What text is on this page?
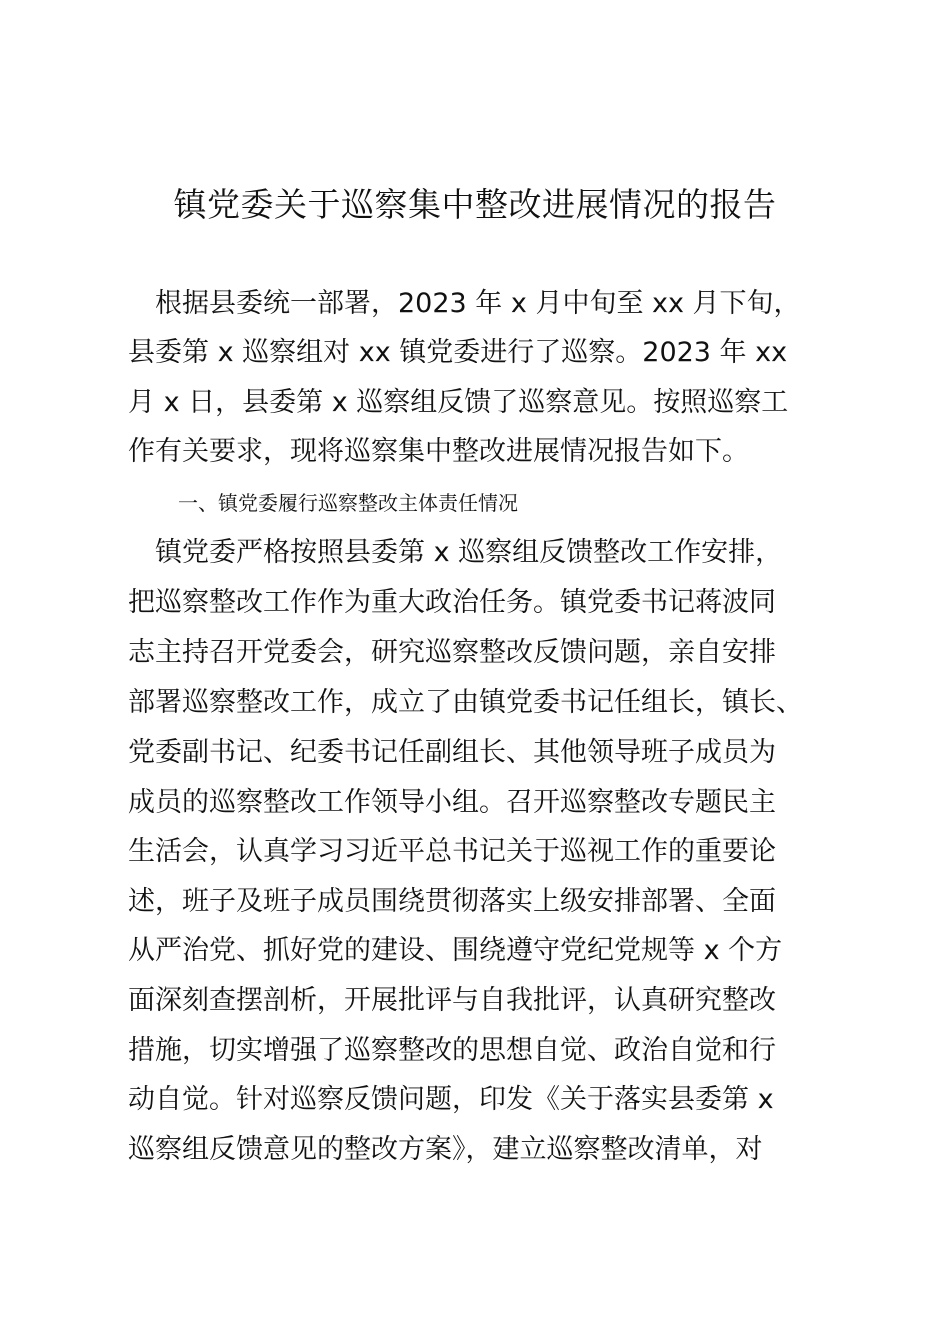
镇党委关于巡察集中整改进展情况的报告
　根据县委统一部署，2023 年 x 月中旬至 xx 月下旬，
县委第 x 巡察组对 xx 镇党委进行了巡察。2023 年 xx
月 x 日，县委第 x 巡察组反馈了巡察意见。按照巡察工
作有关要求，现将巡察集中整改进展情况报告如下。
一、镇党委履行巡察整改主体责任情况
　镇党委严格按照县委第 x 巡察组反馈整改工作安排，
把巡察整改工作作为重大政治任务。镇党委书记蒋波同
志主持召开党委会，研究巡察整改反馈问题，亲自安排
部署巡察整改工作，成立了由镇党委书记任组长，镇长、
党委副书记、纪委书记任副组长、其他领导班子成员为
成员的巡察整改工作领导小组。召开巡察整改专题民主
生活会，认真学习习近平总书记关于巡视工作的重要论
述，班子及班子成员围绕贯彻落实上级安排部署、全面
从严治党、抓好党的建设、围绕遵守党纪党规等 x 个方
面深刻查摆剖析，开展批评与自我批评，认真研究整改
措施，切实增强了巡察整改的思想自觉、政治自觉和行
动自觉。针对巡察反馈问题，印发《关于落实县委第 x
巡察组反馈意见的整改方案》，建立巡察整改清单，对
